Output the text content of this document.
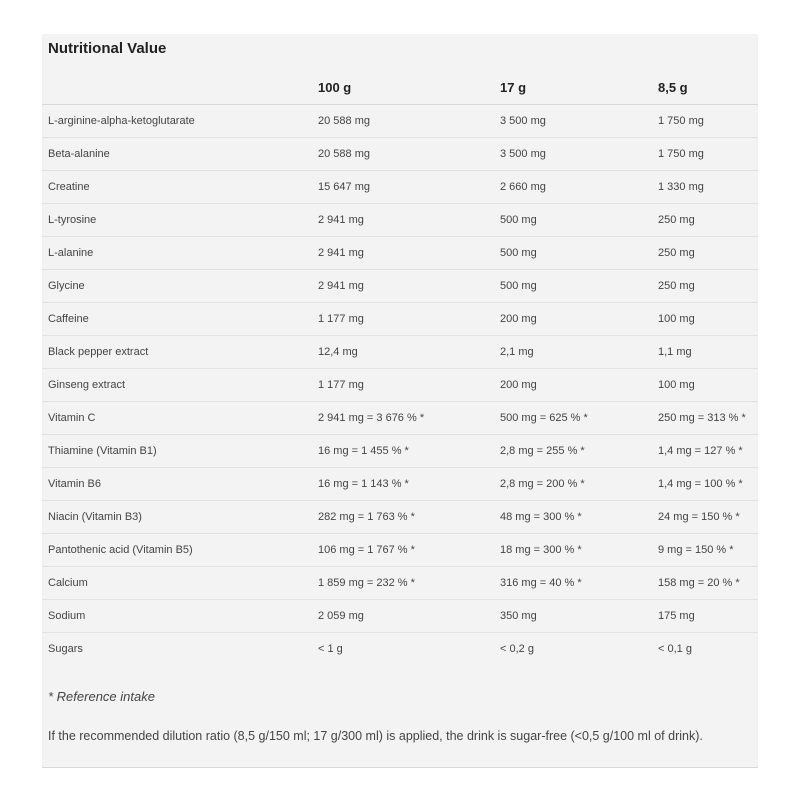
Nutritional Value
	100 g	17 g	8,5 g
L-arginine-alpha-ketoglutarate	20 588 mg	3 500 mg	1 750 mg
Beta-alanine	20 588 mg	3 500 mg	1 750 mg
Creatine	15 647 mg	2 660 mg	1 330 mg
L-tyrosine	2 941 mg	500 mg	250 mg
L-alanine	2 941 mg	500 mg	250 mg
Glycine	2 941 mg	500 mg	250 mg
Caffeine	1 177 mg	200 mg	100 mg
Black pepper extract	12,4 mg	2,1 mg	1,1 mg
Ginseng extract	1 177 mg	200 mg	100 mg
Vitamin C	2 941 mg = 3 676 % *	500 mg = 625 % *	250 mg = 313 % *
Thiamine (Vitamin B1)	16 mg = 1 455 % *	2,8 mg = 255 % *	1,4 mg = 127 % *
Vitamin B6	16 mg = 1 143 % *	2,8 mg = 200 % *	1,4 mg = 100 % *
Niacin (Vitamin B3)	282 mg = 1 763 % *	48 mg = 300 % *	24 mg = 150 % *
Pantothenic acid (Vitamin B5)	106 mg = 1 767 % *	18 mg = 300 % *	9 mg = 150 % *
Calcium	1 859 mg = 232 % *	316 mg = 40 % *	158 mg = 20 % *
Sodium	2 059 mg	350 mg	175 mg
Sugars	< 1 g	< 0,2 g	< 0,1 g
* Reference intake
If the recommended dilution ratio (8,5 g/150 ml; 17 g/300 ml) is applied, the drink is sugar-free (<0,5 g/100 ml of drink).
